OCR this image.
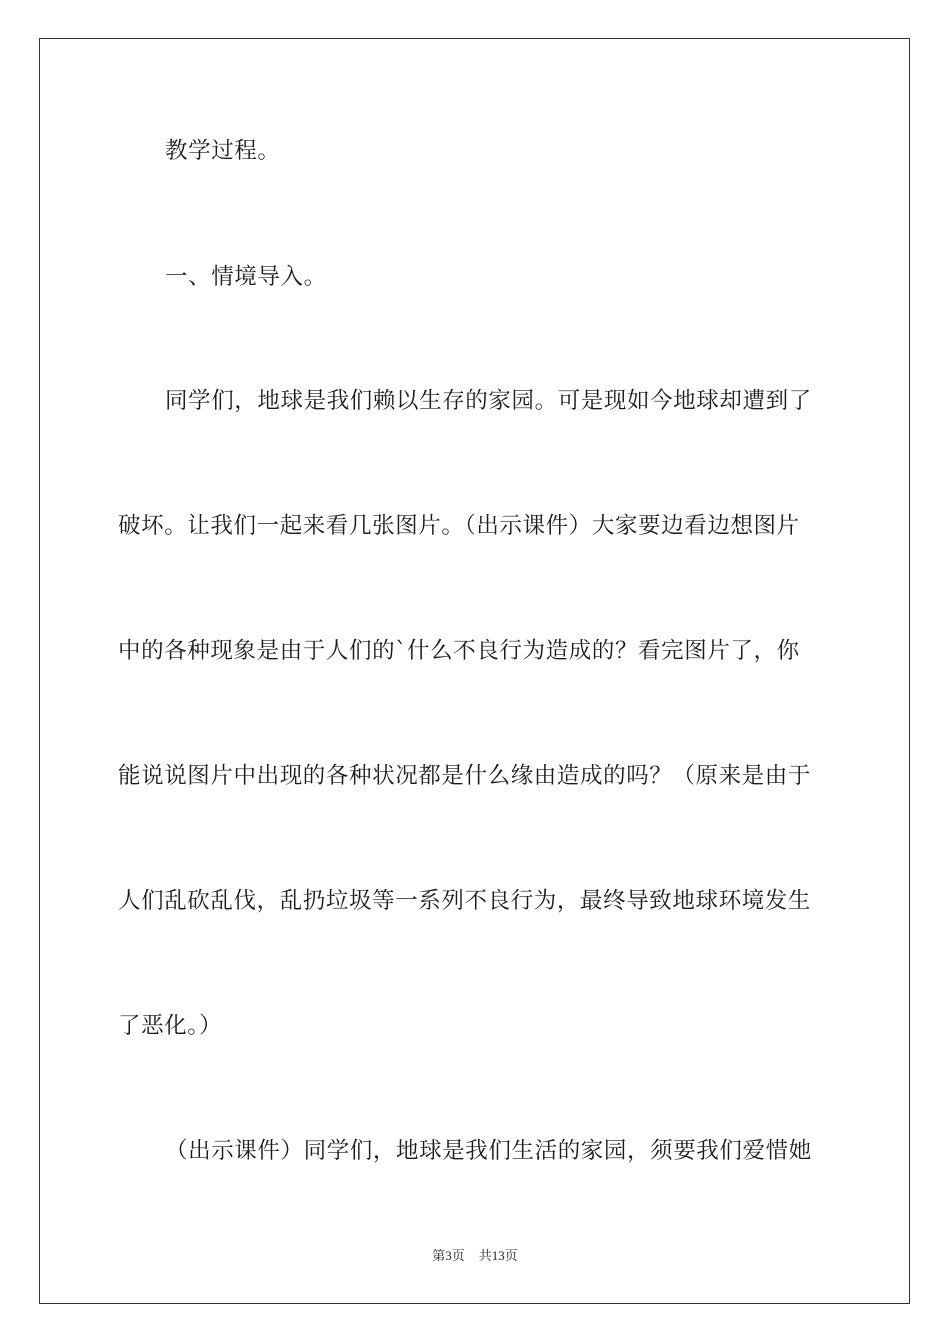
教学过程。
一、情境导入。
同学们，地球是我们赖以生存的家园。可是现如今地球却遭到了
破坏。让我们一起来看几张图片。（出示课件）大家要边看边想图片
中的各种现象是由于人们的`什么不良行为造成的？看完图片了，你
能说说图片中出现的各种状况都是什么缘由造成的吗？（原来是由于
人们乱砍乱伐，乱扔垃圾等一系列不良行为，最终导致地球环境发生
了恶化。）
（出示课件）同学们，地球是我们生活的家园，须要我们爱惜她
第3页 共13页
